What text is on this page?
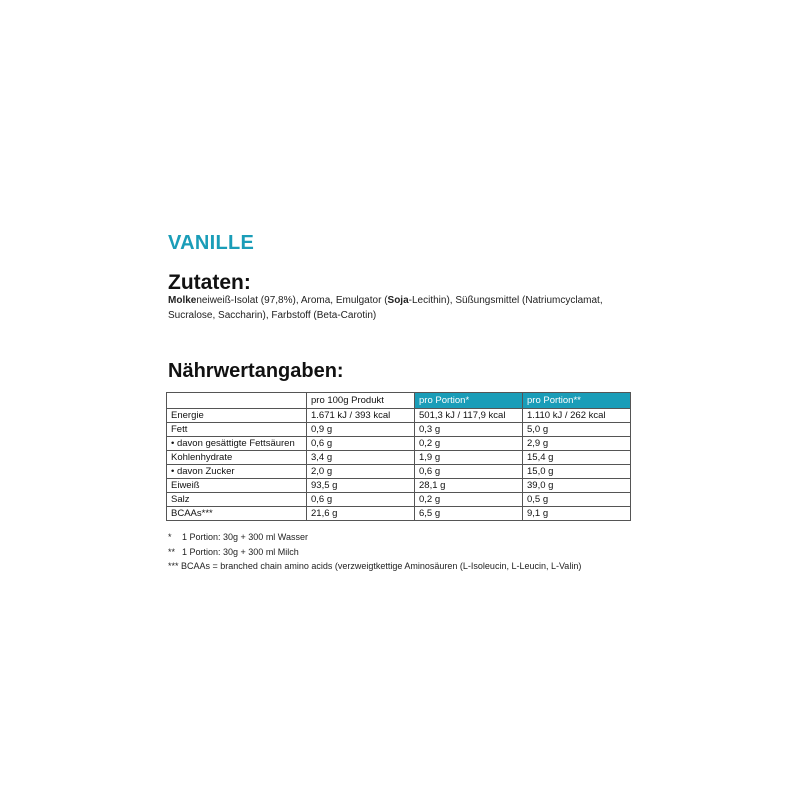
VANILLE
Zutaten:

Molkeneiweiß-Isolat (97,8%), Aroma, Emulgator (Soja-Lecithin), Süßungsmittel (Natriumcyclamat, Sucralose, Saccharin), Farbstoff (Beta-Carotin)

Nährwertangaben:
	pro 100g Produkt	pro Portion*	pro Portion**
Energie	1.671 kJ / 393 kcal	501,3 kJ / 117,9 kcal	1.110 kJ / 262 kcal
Fett	0,9 g	0,3 g	5,0 g
• davon gesättigte Fettsäuren	0,6 g	0,2 g	2,9 g
Kohlenhydrate	3,4 g	1,9 g	15,4 g
• davon Zucker	2,0 g	0,6 g	15,0 g
Eiweiß	93,5 g	28,1 g	39,0 g
Salz	0,6 g	0,2 g	0,5 g
BCAAs***	21,6 g	6,5 g	9,1 g
* 1 Portion: 30g + 300 ml Wasser
** 1 Portion: 30g + 300 ml Milch
*** BCAAs = branched chain amino acids (verzweigtkettige Aminosäuren (L-Isoleucin, L-Leucin, L-Valin)
